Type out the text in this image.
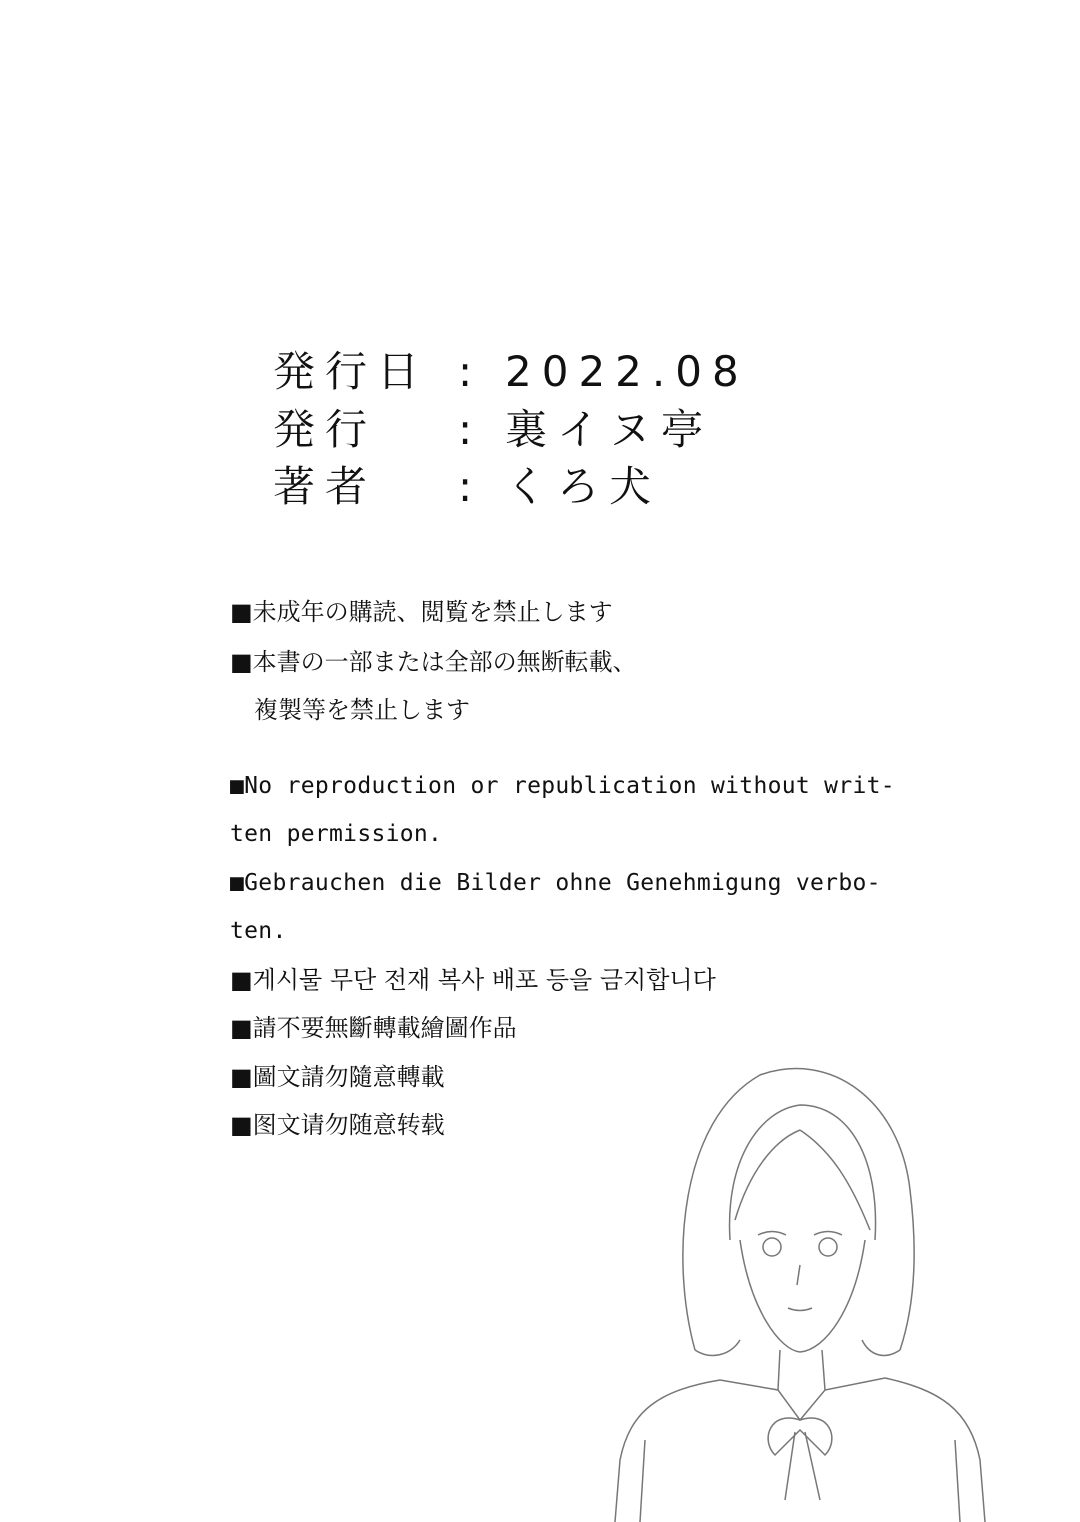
発行日 : 2022.08
発行 : 裏イヌ亭
著者 : くろ犬
■未成年の購読、閲覧を禁止します
■本書の一部または全部の無断転載、
　複製等を禁止します
■No reproduction or republication without writ-
ten permission.
■Gebrauchen die Bilder ohne Genehmigung verbo-
ten.
■게시물 무단 전재 복사 배포 등을 금지합니다
■請不要無斷轉載繪圖作品
■圖文請勿隨意轉載
■图文请勿随意转载
